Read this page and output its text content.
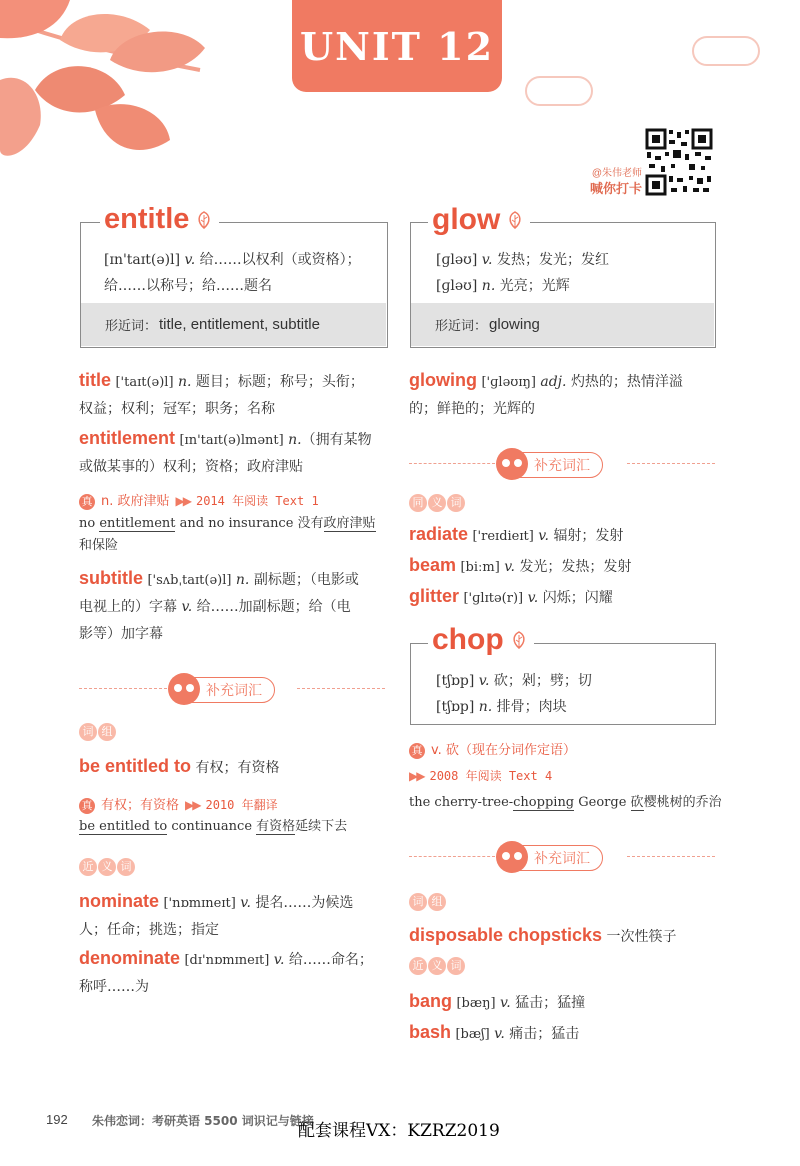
UNIT 12
@朱伟老师
喊你打卡
entitle
[ɪn'taɪt(ə)l] v. 给……以权利（或资格）；
给……以称号；给……题名
形近词： title, entitlement, subtitle
title ['taɪt(ə)l] n. 题目；标题；称号；头衔；
权益；权利；冠军；职务；名称
entitlement [ɪn'taɪt(ə)lmənt] n.（拥有某物
或做某事的）权利；资格；政府津贴
真 n. 政府津贴 ▶▶ 2014 年阅读 Text 1
no entitlement and no insurance 没有政府津贴
和保险
subtitle ['sʌbˌtaɪt(ə)l] n. 副标题；（电影或
电视上的）字幕 v. 给……加副标题；给（电
影等）加字幕
补充词汇
词 组
be entitled to 有权；有资格
真 有权；有资格 ▶▶ 2010 年翻译
be entitled to continuance 有资格延续下去
近 义 词
nominate ['nɒmɪneɪt] v. 提名……为候选
人；任命；挑选；指定
denominate [dɪ'nɒmɪneɪt] v. 给……命名；
称呼……为
glow
[ɡləʊ] v. 发热；发光；发红
[ɡləʊ] n. 光亮；光辉
形近词： glowing
glowing ['ɡləʊɪŋ] adj. 灼热的；热情洋溢
的；鲜艳的；光辉的
补充词汇
同 义 词
radiate ['reɪdieɪt] v. 辐射；发射
beam [biːm] v. 发光；发热；发射
glitter ['ɡlɪtə(r)] v. 闪烁；闪耀
chop
[tʃɒp] v. 砍；剁；劈；切
[tʃɒp] n. 排骨；肉块
真 v. 砍（现在分词作定语）
▶▶ 2008 年阅读 Text 4
the cherry-tree-chopping George 砍樱桃树的乔治
补充词汇
词 组
disposable chopsticks 一次性筷子
近 义 词
bang [bæŋ] v. 猛击；猛撞
bash [bæʃ] v. 痛击；猛击
192 朱伟恋词：考研英语 5500 词识记与链接
配套课程VX：KZRZ2019
